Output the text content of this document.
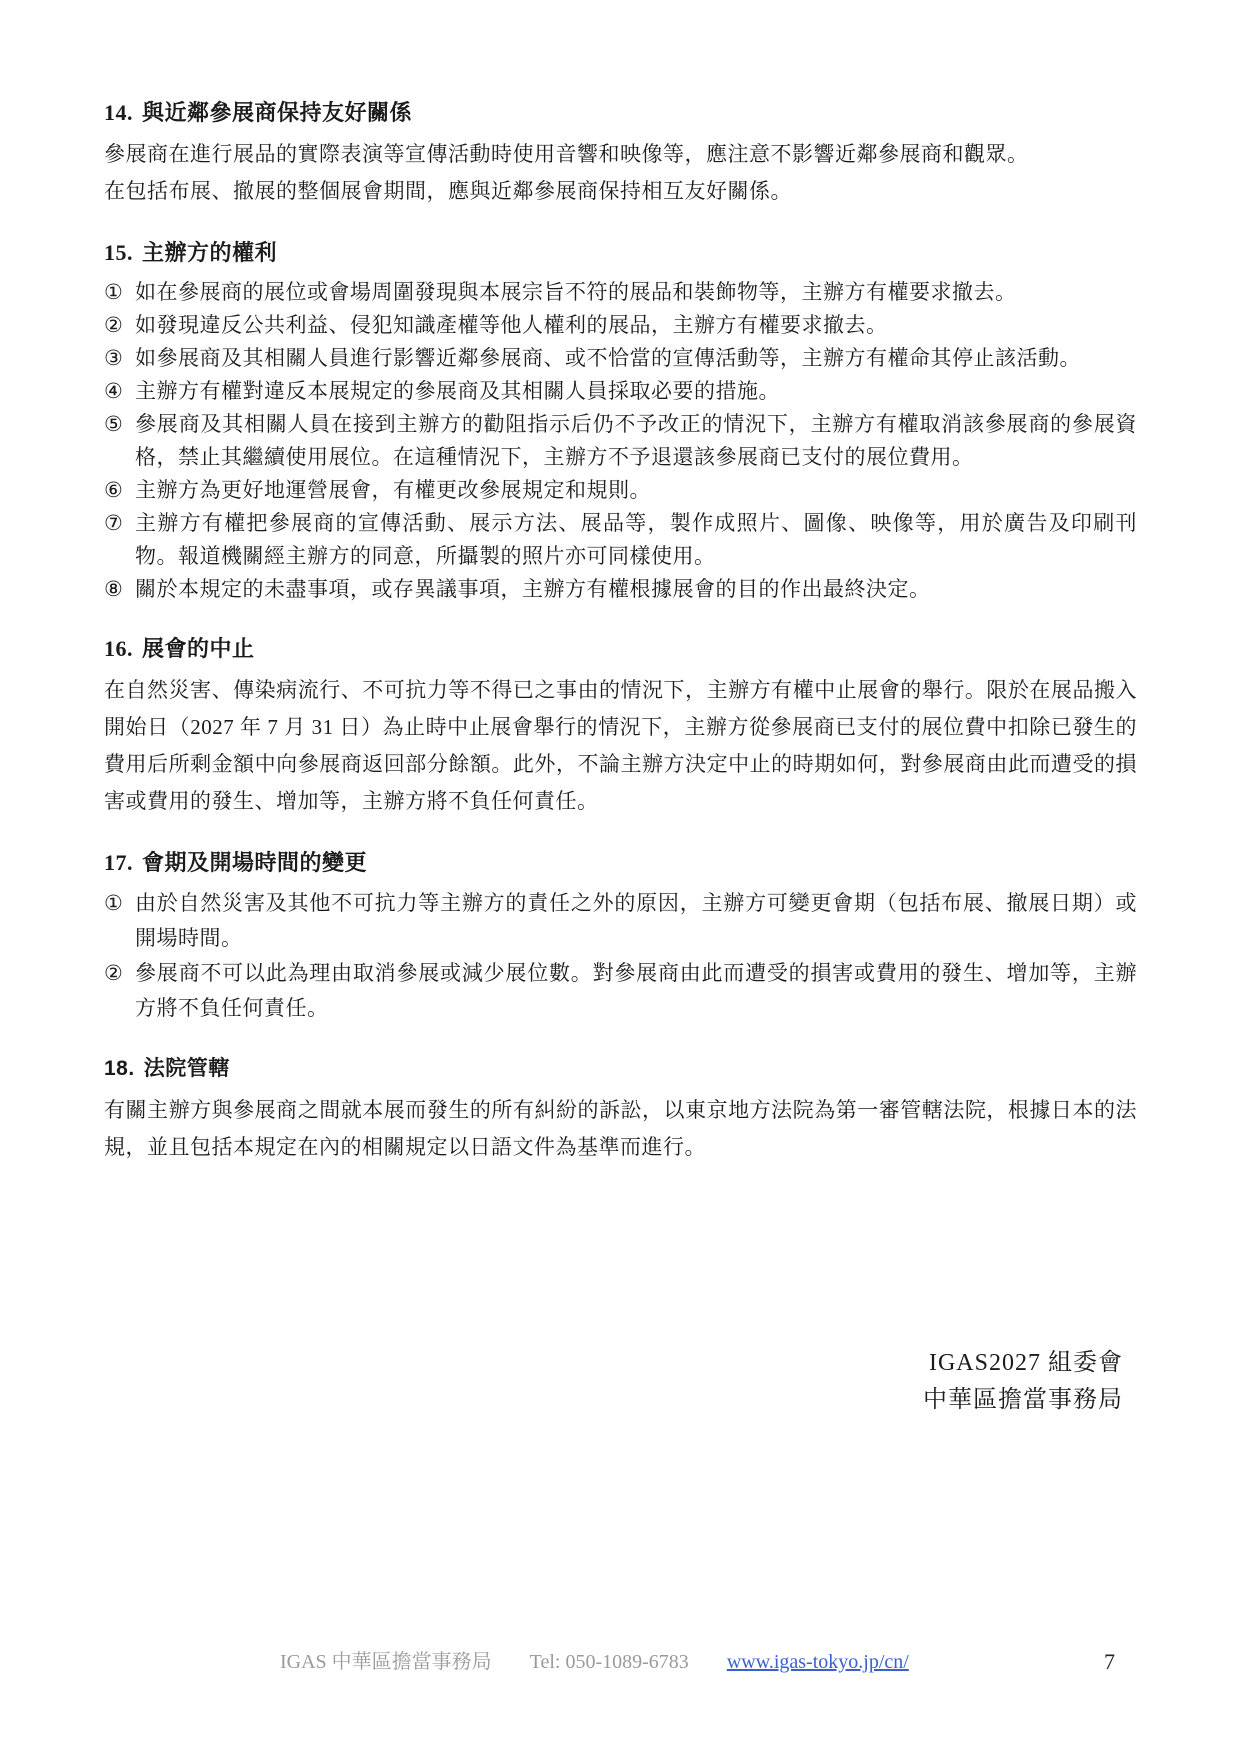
14. 與近鄰參展商保持友好關係

參展商在進行展品的實際表演等宣傳活動時使用音響和映像等，應注意不影響近鄰參展商和觀眾。

在包括布展、撤展的整個展會期間，應與近鄰參展商保持相互友好關係。

15. 主辦方的權利
① 如在參展商的展位或會場周圍發現與本展宗旨不符的展品和裝飾物等，主辦方有權要求撤去。
② 如發現違反公共利益、侵犯知識產權等他人權利的展品，主辦方有權要求撤去。
③ 如參展商及其相關人員進行影響近鄰參展商、或不恰當的宣傳活動等，主辦方有權命其停止該活動。
④ 主辦方有權對違反本展規定的參展商及其相關人員採取必要的措施。
⑤ 參展商及其相關人員在接到主辦方的勸阻指示后仍不予改正的情況下，主辦方有權取消該參展商的參展資格，禁止其繼續使用展位。在這種情況下，主辦方不予退還該參展商已支付的展位費用。
⑥ 主辦方為更好地運營展會，有權更改參展規定和規則。
⑦ 主辦方有權把參展商的宣傳活動、展示方法、展品等，製作成照片、圖像、映像等，用於廣告及印刷刊物。報道機關經主辦方的同意，所攝製的照片亦可同樣使用。
⑧ 關於本規定的未盡事項，或存異議事項，主辦方有權根據展會的目的作出最終決定。
16. 展會的中止

在自然災害、傳染病流行、不可抗力等不得已之事由的情況下，主辦方有權中止展會的舉行。限於在展品搬入開始日（2027 年 7 月 31 日）為止時中止展會舉行的情況下，主辦方從參展商已支付的展位費中扣除已發生的費用后所剩金額中向參展商返回部分餘額。此外，不論主辦方決定中止的時期如何，對參展商由此而遭受的損害或費用的發生、增加等，主辦方將不負任何責任。

17. 會期及開場時間的變更
① 由於自然災害及其他不可抗力等主辦方的責任之外的原因，主辦方可變更會期（包括布展、撤展日期）或開場時間。
② 參展商不可以此為理由取消參展或減少展位數。對參展商由此而遭受的損害或費用的發生、增加等，主辦方將不負任何責任。
18. 法院管轄

有關主辦方與參展商之間就本展而發生的所有糾紛的訴訟，以東京地方法院為第一審管轄法院，根據日本的法規，並且包括本規定在內的相關規定以日語文件為基準而進行。

IGAS2027 組委會
中華區擔當事務局
IGAS 中華區擔當事務局 Tel: 050-1089-6783 www.igas-tokyo.jp/cn/	7
